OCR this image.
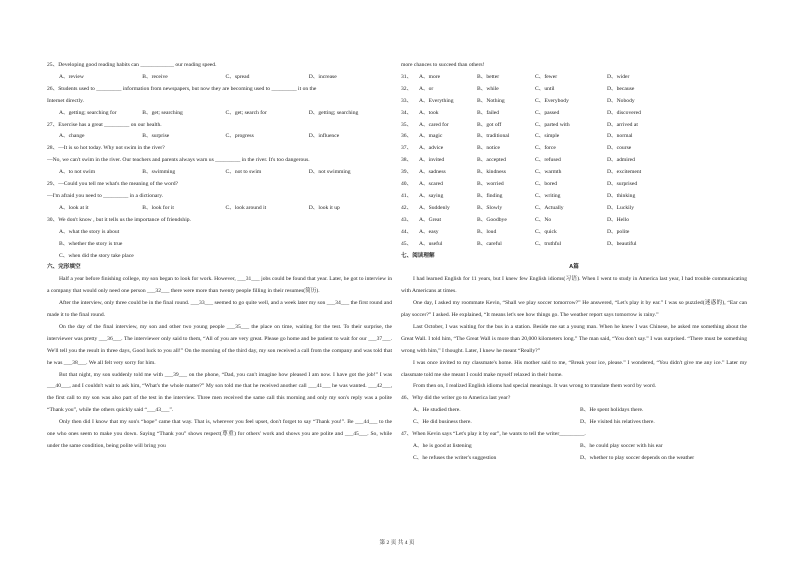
25、Developing good reading habits can ____________ our reading speed.
A、review	B、receive	C、spread	D、increase
26、Students used to _________ information from newspapers, but now they are becoming used to _________ it on the
Internet directly.
A、getting; searching for	B、get; searching	C、get; search for	D、getting; searching
27、Exercise has a great _________ on our health.
A、change	B、surprise	C、progress	D、influence
28、—It is so hot today. Why not swim in the river?
—No, we can't swim in the river. Our teachers and parents always warn us _________ in the river. It's too dangerous.
A、to not swim	B、swimming	C、not to swim	D、not swimming
29、—Could you tell me what's the meaning of the word?
—I'm afraid you need to _________ in a dictionary.
A、look at it	B、look for it	C、look around it	D、look it up
30、We don't know , but it tells us the importance of friendship.
A、what the story is about
B、whether the story is true
C、when did the story take place
六、完形填空
Half a year before finishing college, my son began to look for work. However, ___31___ jobs could be found that year. Later, he got to interview in a company that would only need one person ___32___ there were more than twenty people filling in their resumes(简历).
After the interview, only three could be in the final round. ___33___ seemed to go quite well, and a week later my son ___34___ the first round and made it to the final round.
On the day of the final interview, my son and other two young people ___35___ the place on time, waiting for the test. To their surprise, the interviewer was pretty ___36___. The interviewer only said to them, “All of you are very great. Please go home and be patient to wait for our ___37___. We'll tell you the result in three days, Good luck to you all!” On the morning of the third day, my son received a call from the company and was told that he was ___38___. We all felt very sorry for him.
But that night, my son suddenly told me with ___39___ on the phone, “Dad, you can't imagine how pleased I am now. I have got the job!” I was ___40___, and I couldn't wait to ask him, “What's the whole matter?” My son told me that he received another call ___41___ he was wanted. ___42___, the first call to my son was also part of the test in the interview. Three men received the same call this morning and only my son's reply was a polite “Thank you”, while the others quickly said “___43___”.
Only then did I know that my son's “hope” came that way. That is, wherever you feel upset, don't forget to say “Thank you!”. Be ___44___ to the one who ones seem to make you down. Saying “Thank you” shows respect(尊重) for others' work and shows you are polite and ___45___. So, while under the same condition, being polite will bring you
more chances to succeed than others!
31、	A、more	B、better	C、fewer	D、wider
32、	A、or	B、while	C、until	D、because
33、	A、Everything	B、Nothing	C、Everybody	D、Nobody
34、	A、took	B、failed	C、passed	D、discovered
35、	A、cared for	B、got off	C、parted with	D、arrived at
36、	A、magic	B、traditional	C、simple	D、normal
37、	A、advice	B、notice	C、force	D、course
38、	A、invited	B、accepted	C、refused	D、admired
39、	A、sadness	B、kindness	C、warmth	D、excitement
40、	A、scared	B、worried	C、bored	D、surprised
41、	A、saying	B、finding	C、writing	D、thinking
42、	A、Suddenly	B、Slowly	C、Actually	D、Luckily
43、	A、Great	B、Goodbye	C、No	D、Hello
44、	A、easy	B、loud	C、quick	D、polite
45、	A、useful	B、careful	C、truthful	D、beautiful
七、阅读理解
A篇
I had learned English for 11 years, but I knew few English idioms(习语). When I went to study in America last year, I had trouble communicating with Americans at times.
One day, I asked my roommate Kevin, “Shall we play soccer tomorrow?” He answered, “Let's play it by ear.” I was so puzzled(迷惑的), “Ear can play soccer?” I asked. He explained, “It means let's see how things go. The weather report says tomorrow is rainy.”
Last October, I was waiting for the bus in a station. Beside me sat a young man. When he knew I was Chinese, he asked me something about the Great Wall. I told him, “The Great Wall is more than 20,000 kilometers long.” The man said, “You don't say.” I was surprised. “There must be something wrong with him,” I thought. Later, I knew he meant “Really?”
I was once invited to my classmate's home. His mother said to me, “Break your ice, please.” I wondered, “You didn't give me any ice.” Later my classmate told me she meant I could make myself relaxed in their home.
From then on, I realized English idioms had special meanings. It was wrong to translate them word by word.
46、Why did the writer go to America last year?
A、He studied there.	B、He spent holidays there.
C、He did business there.	D、He visited his relatives there.
47、When Kevin says “Let's play it by ear”, he wants to tell the writer_________.
A、he is good at listening	B、he could play soccer with his ear
C、he refuses the writer's suggestion	D、whether to play soccer depends on the weather
第 2 页 共 4 页
